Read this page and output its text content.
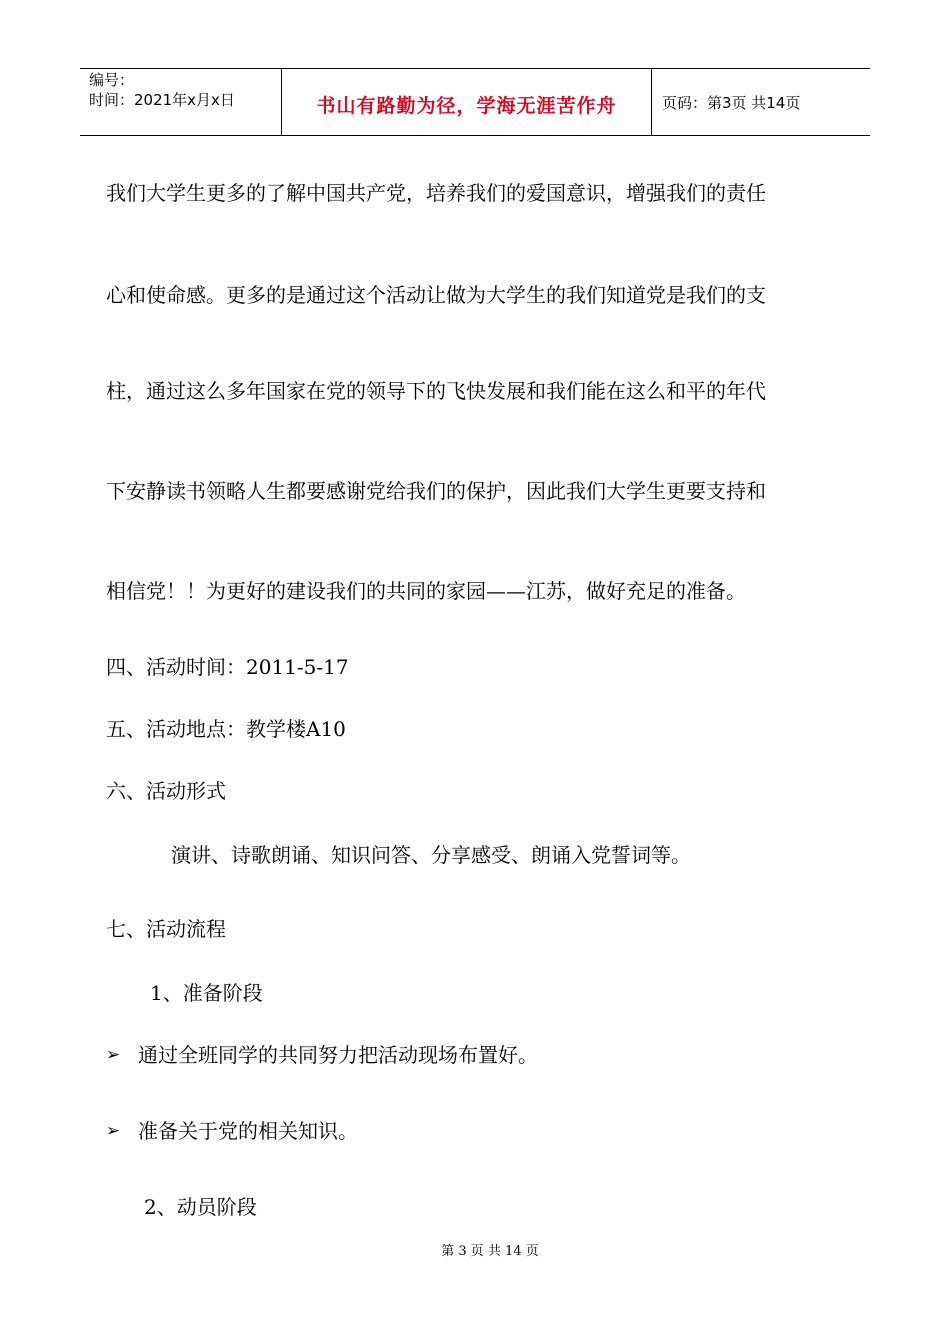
编号：
时间：2021年x月x日	书山有路勤为径，学海无涯苦作舟	页码：第3页 共14页
我们大学生更多的了解中国共产党，培养我们的爱国意识，增强我们的责任
心和使命感。更多的是通过这个活动让做为大学生的我们知道党是我们的支
柱，通过这么多年国家在党的领导下的飞快发展和我们能在这么和平的年代
下安静读书领略人生都要感谢党给我们的保护，因此我们大学生更要支持和
相信党！！为更好的建设我们的共同的家园——江苏，做好充足的准备。
四、活动时间：2011-5-17
五、活动地点：教学楼A10
六、活动形式
演讲、诗歌朗诵、知识问答、分享感受、朗诵入党誓词等。
七、活动流程
1、准备阶段
➢ 通过全班同学的共同努力把活动现场布置好。
➢ 准备关于党的相关知识。
2、动员阶段
第 3 页 共 14 页
